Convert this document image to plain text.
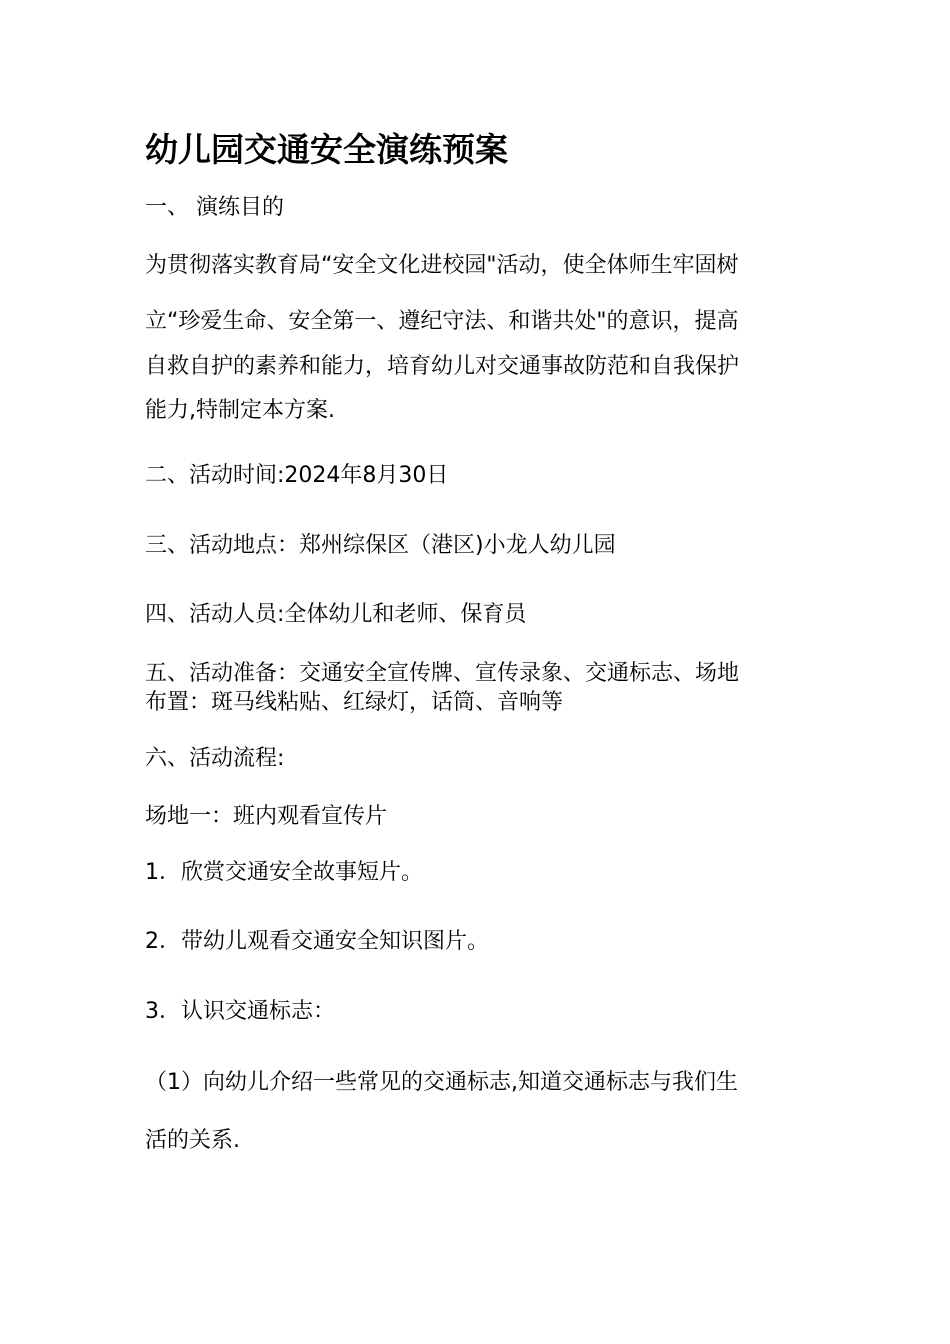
幼儿园交通安全演练预案
一、 演练目的
为贯彻落实教育局“安全文化进校园"活动，使全体师生牢固树
立“珍爱生命、安全第一、遵纪守法、和谐共处"的意识，提高
自救自护的素养和能力，培育幼儿对交通事故防范和自我保护
能力,特制定本方案.
二、活动时间:2024年8月30日
三、活动地点：郑州综保区（港区)小龙人幼儿园
四、活动人员:全体幼儿和老师、保育员
五、活动准备：交通安全宣传牌、宣传录象、交通标志、场地
布置：斑马线粘贴、红绿灯，话筒、音响等
六、活动流程:
场地一：班内观看宣传片
1．欣赏交通安全故事短片。
2．带幼儿观看交通安全知识图片。
3．认识交通标志：
（1）向幼儿介绍一些常见的交通标志,知道交通标志与我们生
活的关系.
